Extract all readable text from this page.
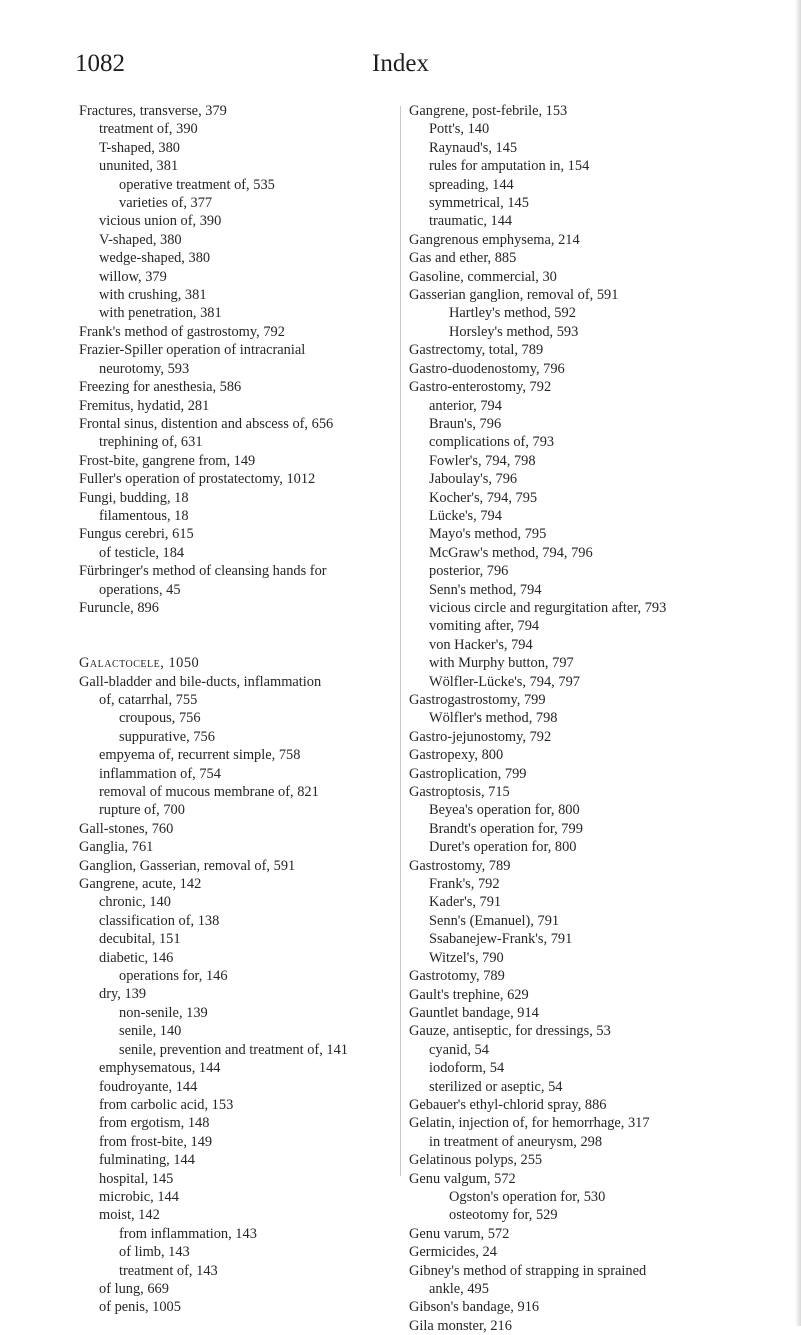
1082	Index
Fractures, transverse, 379
treatment of, 390
T-shaped, 380
ununited, 381
operative treatment of, 535
varieties of, 377
vicious union of, 390
V-shaped, 380
wedge-shaped, 380
willow, 379
with crushing, 381
with penetration, 381
Frank's method of gastrostomy, 792
Frazier-Spiller operation of intracranial
neurotomy, 593
Freezing for anesthesia, 586
Fremitus, hydatid, 281
Frontal sinus, distention and abscess of, 656
trephining of, 631
Frost-bite, gangrene from, 149
Fuller's operation of prostatectomy, 1012
Fungi, budding, 18
filamentous, 18
Fungus cerebri, 615
of testicle, 184
Fürbringer's method of cleansing hands for
operations, 45
Furuncle, 896
Galactocele, 1050
Gall-bladder and bile-ducts, inflammation
of, catarrhal, 755
croupous, 756
suppurative, 756
empyema of, recurrent simple, 758
inflammation of, 754
removal of mucous membrane of, 821
rupture of, 700
Gall-stones, 760
Ganglia, 761
Ganglion, Gasserian, removal of, 591
Gangrene, acute, 142
chronic, 140
classification of, 138
decubital, 151
diabetic, 146
operations for, 146
dry, 139
non-senile, 139
senile, 140
senile, prevention and treatment of, 141
emphysematous, 144
foudroyante, 144
from carbolic acid, 153
from ergotism, 148
from frost-bite, 149
fulminating, 144
hospital, 145
microbic, 144
moist, 142
from inflammation, 143
of limb, 143
treatment of, 143
of lung, 669
of penis, 1005
Gangrene, post-febrile, 153
Pott's, 140
Raynaud's, 145
rules for amputation in, 154
spreading, 144
symmetrical, 145
traumatic, 144
Gangrenous emphysema, 214
Gas and ether, 885
Gasoline, commercial, 30
Gasserian ganglion, removal of, 591
Hartley's method, 592
Horsley's method, 593
Gastrectomy, total, 789
Gastro-duodenostomy, 796
Gastro-enterostomy, 792
anterior, 794
Braun's, 796
complications of, 793
Fowler's, 794, 798
Jaboulay's, 796
Kocher's, 794, 795
Lücke's, 794
Mayo's method, 795
McGraw's method, 794, 796
posterior, 796
Senn's method, 794
vicious circle and regurgitation after, 793
vomiting after, 794
von Hacker's, 794
with Murphy button, 797
Wölfler-Lücke's, 794, 797
Gastrogastrostomy, 799
Wölfler's method, 798
Gastro-jejunostomy, 792
Gastropexy, 800
Gastroplication, 799
Gastroptosis, 715
Beyea's operation for, 800
Brandt's operation for, 799
Duret's operation for, 800
Gastrostomy, 789
Frank's, 792
Kader's, 791
Senn's (Emanuel), 791
Ssabanejew-Frank's, 791
Witzel's, 790
Gastrotomy, 789
Gault's trephine, 629
Gauntlet bandage, 914
Gauze, antiseptic, for dressings, 53
cyanid, 54
iodoform, 54
sterilized or aseptic, 54
Gebauer's ethyl-chlorid spray, 886
Gelatin, injection of, for hemorrhage, 317
in treatment of aneurysm, 298
Gelatinous polyps, 255
Genu valgum, 572
Ogston's operation for, 530
osteotomy for, 529
Genu varum, 572
Germicides, 24
Gibney's method of strapping in sprained
ankle, 495
Gibson's bandage, 916
Gila monster, 216
